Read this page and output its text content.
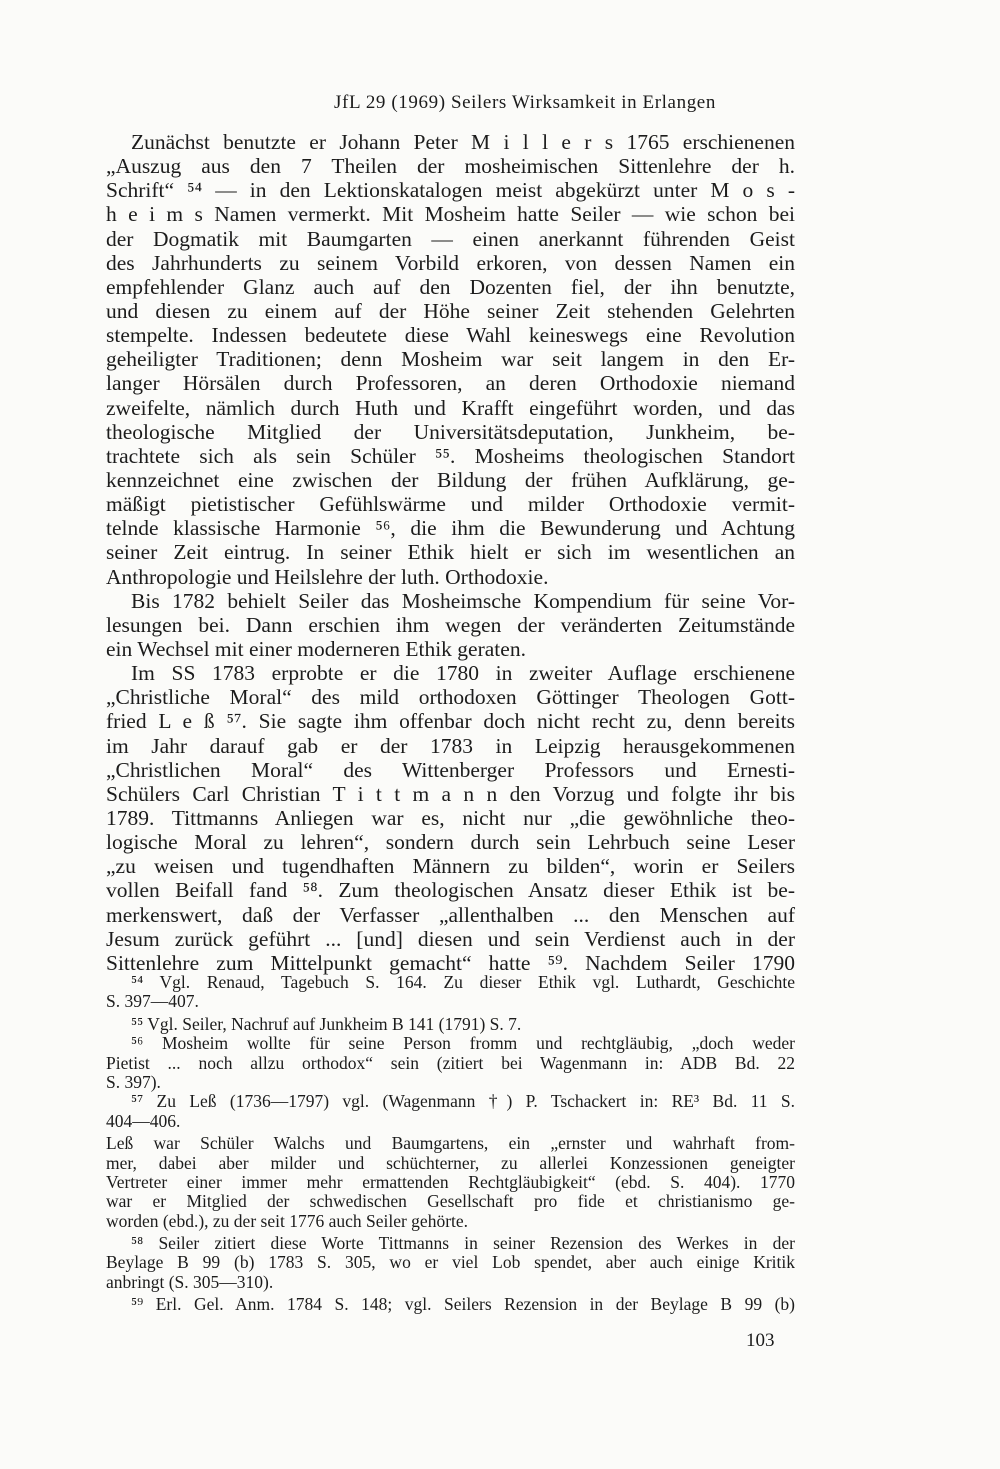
JfL 29 (1969) Seilers Wirksamkeit in Erlangen
Zunächst benutzte er Johann Peter M i l l e r s 1765 erschienenen
„Auszug aus den 7 Theilen der mosheimischen Sittenlehre der h.
Schrift“ ⁵⁴ — in den Lektionskatalogen meist abgekürzt unter M o s -
h e i m s Namen vermerkt. Mit Mosheim hatte Seiler — wie schon bei
der Dogmatik mit Baumgarten — einen anerkannt führenden Geist
des Jahrhunderts zu seinem Vorbild erkoren, von dessen Namen ein
empfehlender Glanz auch auf den Dozenten fiel, der ihn benutzte,
und diesen zu einem auf der Höhe seiner Zeit stehenden Gelehrten
stempelte. Indessen bedeutete diese Wahl keineswegs eine Revolution
geheiligter Traditionen; denn Mosheim war seit langem in den Er-
langer Hörsälen durch Professoren, an deren Orthodoxie niemand
zweifelte, nämlich durch Huth und Krafft eingeführt worden, und das
theologische Mitglied der Universitätsdeputation, Junkheim, be-
trachtete sich als sein Schüler ⁵⁵. Mosheims theologischen Standort
kennzeichnet eine zwischen der Bildung der frühen Aufklärung, ge-
mäßigt pietistischer Gefühlswärme und milder Orthodoxie vermit-
telnde klassische Harmonie ⁵⁶, die ihm die Bewunderung und Achtung
seiner Zeit eintrug. In seiner Ethik hielt er sich im wesentlichen an
Anthropologie und Heilslehre der luth. Orthodoxie.
Bis 1782 behielt Seiler das Mosheimsche Kompendium für seine Vor-
lesungen bei. Dann erschien ihm wegen der veränderten Zeitumstände
ein Wechsel mit einer moderneren Ethik geraten.
Im SS 1783 erprobte er die 1780 in zweiter Auflage erschienene
„Christliche Moral“ des mild orthodoxen Göttinger Theologen Gott-
fried L e ß ⁵⁷. Sie sagte ihm offenbar doch nicht recht zu, denn bereits
im Jahr darauf gab er der 1783 in Leipzig herausgekommenen
„Christlichen Moral“ des Wittenberger Professors und Ernesti-
Schülers Carl Christian T i t t m a n n den Vorzug und folgte ihr bis
1789. Tittmanns Anliegen war es, nicht nur „die gewöhnliche theo-
logische Moral zu lehren“, sondern durch sein Lehrbuch seine Leser
„zu weisen und tugendhaften Männern zu bilden“, worin er Seilers
vollen Beifall fand ⁵⁸. Zum theologischen Ansatz dieser Ethik ist be-
merkenswert, daß der Verfasser „allenthalben ... den Menschen auf
Jesum zurück geführt ... [und] diesen und sein Verdienst auch in der
Sittenlehre zum Mittelpunkt gemacht“ hatte ⁵⁹. Nachdem Seiler 1790
⁵⁴ Vgl. Renaud, Tagebuch S. 164. Zu dieser Ethik vgl. Luthardt, Geschichte
S. 397—407.
⁵⁵ Vgl. Seiler, Nachruf auf Junkheim B 141 (1791) S. 7.
⁵⁶ Mosheim wollte für seine Person fromm und rechtgläubig, „doch weder
Pietist ... noch allzu orthodox“ sein (zitiert bei Wagenmann in: ADB Bd. 22
S. 397).
⁵⁷ Zu Leß (1736—1797) vgl. (Wagenmann †) P. Tschackert in: RE³ Bd. 11 S.
404—406.
Leß war Schüler Walchs und Baumgartens, ein „ernster und wahrhaft from-
mer, dabei aber milder und schüchterner, zu allerlei Konzessionen geneigter
Vertreter einer immer mehr ermattenden Rechtgläubigkeit“ (ebd. S. 404). 1770
war er Mitglied der schwedischen Gesellschaft pro fide et christianismo ge-
worden (ebd.), zu der seit 1776 auch Seiler gehörte.
⁵⁸ Seiler zitiert diese Worte Tittmanns in seiner Rezension des Werkes in der
Beylage B 99 (b) 1783 S. 305, wo er viel Lob spendet, aber auch einige Kritik
anbringt (S. 305—310).
⁵⁹ Erl. Gel. Anm. 1784 S. 148; vgl. Seilers Rezension in der Beylage B 99 (b)
103
